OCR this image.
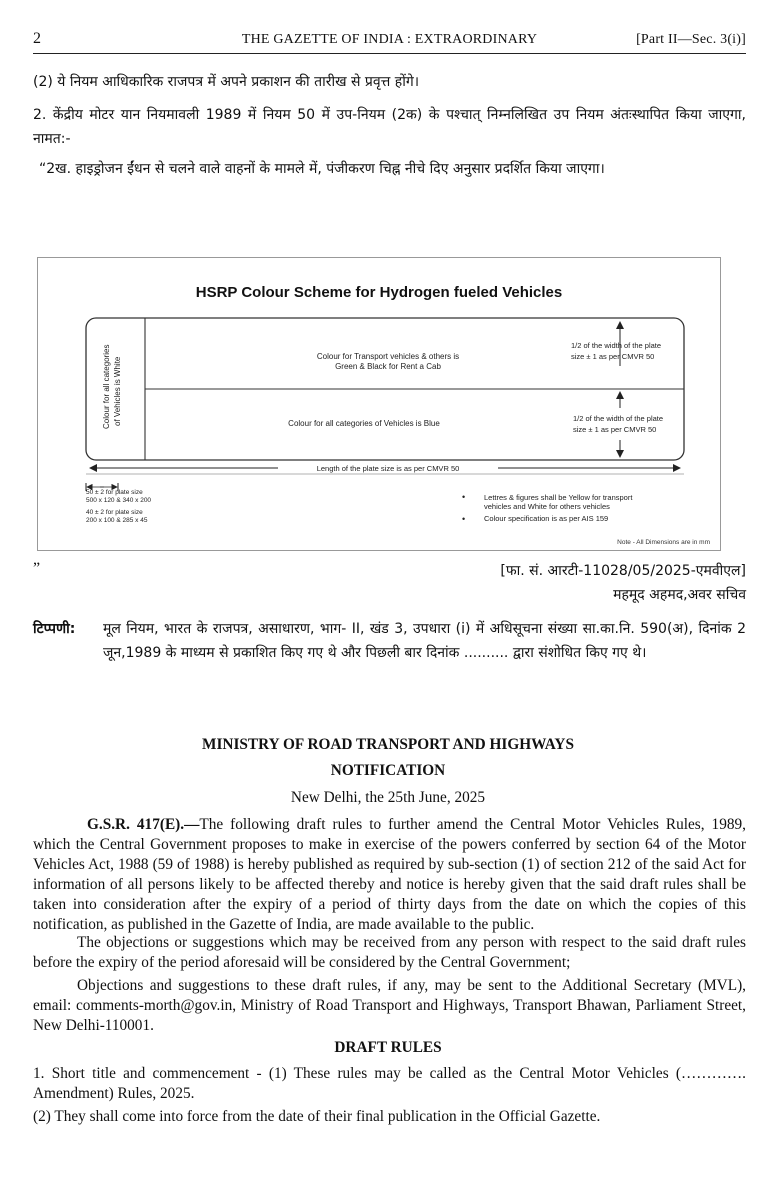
2	THE GAZETTE OF INDIA : EXTRAORDINARY	[Part II—Sec. 3(i)]
(2) ये नियम आधिकारिक राजपत्र में अपने प्रकाशन की तारीख से प्रवृत्त होंगे।
2. केंद्रीय मोटर यान नियमावली 1989 में नियम 50 में उप-नियम (2क) के पश्चात् निम्नलिखित उप नियम अंतःस्थापित किया जाएगा, नामत:-
“2ख. हाइड्रोजन ईंधन से चलने वाले वाहनों के मामले में, पंजीकरण चिह्न नीचे दिए अनुसार प्रदर्शित किया जाएगा।
HSRP Colour Scheme for Hydrogen fueled Vehicles
Colour for all categories of Vehicles is White
Colour for Transport vehicles & others is
Green & Black for Rent a Cab
Colour for all categories of Vehicles is Blue
1/2 of the width of the plate
size ± 1 as per CMVR 50
1/2 of the width of the plate
size ± 1 as per CMVR 50
Length of the plate size is as per CMVR 50
50 ± 2 for plate size
500 x 120 & 340 x 200
40 ± 2 for plate size
200 x 100 & 285 x 45
•	Lettres & figures shall be Yellow for transport
vehicles and White for others vehicles
•	Colour specification is as per AIS 159
Note - All Dimensions are in mm
”	[फा. सं. आरटी-11028/05/2025-एमवीएल]
महमूद अहमद,अवर सचिव
टिप्पणी: मूल नियम, भारत के राजपत्र, असाधारण, भाग- II, खंड 3, उपधारा (i) में अधिसूचना संख्या सा.का.नि. 590(अ), दिनांक 2 जून,1989 के माध्यम से प्रकाशित किए गए थे और पिछली बार दिनांक .......... द्वारा संशोधित किए गए थे।
MINISTRY OF ROAD TRANSPORT AND HIGHWAYS
NOTIFICATION
New Delhi, the 25th June, 2025
G.S.R. 417(E).—The following draft rules to further amend the Central Motor Vehicles Rules, 1989, which the Central Government proposes to make in exercise of the powers conferred by section 64 of the Motor Vehicles Act, 1988 (59 of 1988) is hereby published as required by sub-section (1) of section 212 of the said Act for information of all persons likely to be affected thereby and notice is hereby given that the said draft rules shall be taken into consideration after the expiry of a period of thirty days from the date on which the copies of this notification, as published in the Gazette of India, are made available to the public.
The objections or suggestions which may be received from any person with respect to the said draft rules before the expiry of the period aforesaid will be considered by the Central Government;
Objections and suggestions to these draft rules, if any, may be sent to the Additional Secretary (MVL), email: comments-morth@gov.in, Ministry of Road Transport and Highways, Transport Bhawan, Parliament Street, New Delhi-110001.
DRAFT RULES
1. Short title and commencement - (1) These rules may be called as the Central Motor Vehicles (…………. Amendment) Rules, 2025.
(2) They shall come into force from the date of their final publication in the Official Gazette.
